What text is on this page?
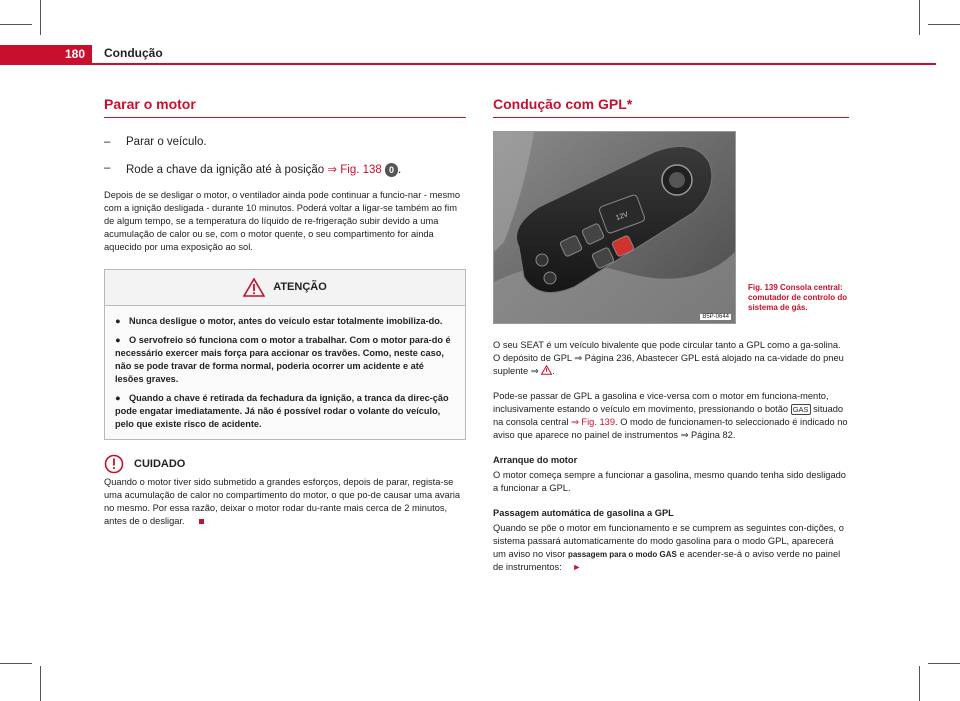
180	Condução
Parar o motor
–	Parar o veículo.
–	Rode a chave da ignição até à posição ⇒ Fig. 138 0 .

Depois de se desligar o motor, o ventilador ainda pode continuar a funcio-nar - mesmo com a ignição desligada - durante 10 minutos. Poderá voltar a ligar-se também ao fim de algum tempo, se a temperatura do líquido de re-frigeração subir devido a uma acumulação de calor ou se, com o motor quente, o seu compartimento for ainda aquecido por uma exposição ao sol.

ATENÇÃO

● Nunca desligue o motor, antes do veículo estar totalmente imobiliza-do.

● O servofreio só funciona com o motor a trabalhar. Com o motor para-do é necessário exercer mais força para accionar os travões. Como, neste caso, não se pode travar de forma normal, poderia ocorrer um acidente e até lesões graves.

● Quando a chave é retirada da fechadura da ignição, a tranca da direc-ção pode engatar imediatamente. Já não é possível rodar o volante do veículo, pelo que existe risco de acidente.

CUIDADO

Quando o motor tiver sido submetido a grandes esforços, depois de parar, regista-se uma acumulação de calor no compartimento do motor, o que po-de causar uma avaria no mesmo. Por essa razão, deixar o motor rodar du-rante mais cerca de 2 minutos, antes de o desligar.

Condução com GPL*
12V
B5P-0644
Fig. 139 Consola central: comutador de controlo do sistema de gás.

O seu SEAT é um veículo bivalente que pode circular tanto a GPL como a ga-solina. O depósito de GPL ⇒ Página 236, Abastecer GPL está alojado na ca-vidade do pneu suplente ⇒ .

Pode-se passar de GPL a gasolina e vice-versa com o motor em funciona-mento, inclusivamente estando o veículo em movimento, pressionando o botão GAS situado na consola central ⇒ Fig. 139. O modo de funcionamen-to seleccionado é indicado no aviso que aparece no painel de instrumentos ⇒ Página 82.

Arranque do motor

O motor começa sempre a funcionar a gasolina, mesmo quando tenha sido desligado a funcionar a GPL.

Passagem automática de gasolina a GPL

Quando se põe o motor em funcionamento e se cumprem as seguintes con-dições, o sistema passará automaticamente do modo gasolina para o modo GPL, aparecerá um aviso no visor passagem para o modo GAS e acender-se-á o aviso verde no painel de instrumentos: ►
